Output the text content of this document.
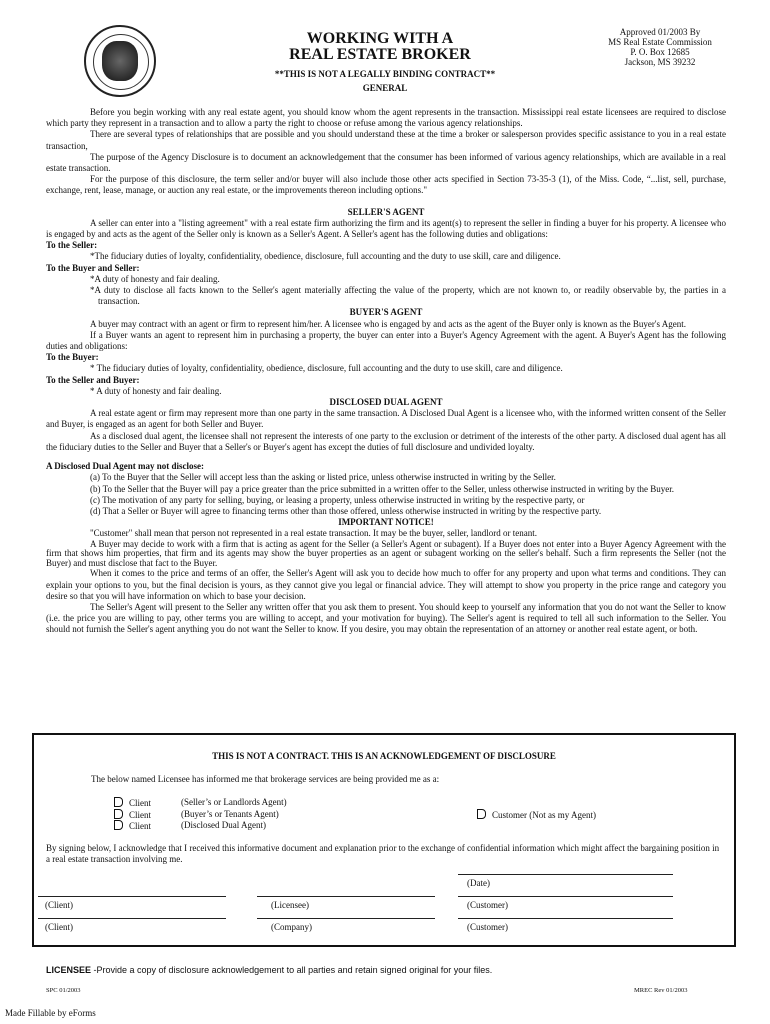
WORKING WITH A
REAL ESTATE BROKER
**THIS IS NOT A LEGALLY BINDING CONTRACT**
GENERAL
Approved 01/2003 By
MS Real Estate Commission
P. O. Box 12685
Jackson, MS 39232

Before you begin working with any real estate agent, you should know whom the agent represents in the transaction. Mississippi real estate licensees are required to disclose which party they represent in a transaction and to allow a party the right to choose or refuse among the various agency relationships.

There are several types of relationships that are possible and you should understand these at the time a broker or salesperson provides specific assistance to you in a real estate transaction,

The purpose of the Agency Disclosure is to document an acknowledgement that the consumer has been informed of various agency relationships, which are available in a real estate transaction.

For the purpose of this disclosure, the term seller and/or buyer will also include those other acts specified in Section 73-35-3 (1), of the Miss. Code, “...list, sell, purchase, exchange, rent, lease, manage, or auction any real estate, or the improvements thereon including options."

SELLER'S AGENT

A seller can enter into a "listing agreement" with a real estate firm authorizing the firm and its agent(s) to represent the seller in finding a buyer for his property. A licensee who is engaged by and acts as the agent of the Seller only is known as a Seller's Agent. A Seller's agent has the following duties and obligations:

To the Seller:
*The fiduciary duties of loyalty, confidentiality, obedience, disclosure, full accounting and the duty to use skill, care and diligence.
To the Buyer and Seller:
*A duty of honesty and fair dealing.
*A duty to disclose all facts known to the Seller's agent materially affecting the value of the property, which are not known to, or readily observable by, the parties in a transaction.
BUYER'S AGENT

A buyer may contract with an agent or firm to represent him/her. A licensee who is engaged by and acts as the agent of the Buyer only is known as the Buyer's Agent.

If a Buyer wants an agent to represent him in purchasing a property, the buyer can enter into a Buyer's Agency Agreement with the agent. A Buyer's Agent has the following duties and obligations:

To the Buyer:
* The fiduciary duties of loyalty, confidentiality, obedience, disclosure, full accounting and the duty to use skill, care and diligence.
To the Seller and Buyer:
* A duty of honesty and fair dealing.
DISCLOSED DUAL AGENT

A real estate agent or firm may represent more than one party in the same transaction. A Disclosed Dual Agent is a licensee who, with the informed written consent of the Seller and Buyer, is engaged as an agent for both Seller and Buyer.

As a disclosed dual agent, the licensee shall not represent the interests of one party to the exclusion or detriment of the interests of the other party. A disclosed dual agent has all the fiduciary duties to the Seller and Buyer that a Seller's or Buyer's agent has except the duties of full disclosure and undivided loyalty.

A Disclosed Dual Agent may not disclose:
(a) To the Buyer that the Seller will accept less than the asking or listed price, unless otherwise instructed in writing by the Seller.
(b) To the Seller that the Buyer will pay a price greater than the price submitted in a written offer to the Seller, unless otherwise instructed in writing by the Buyer.
(c) The motivation of any party for selling, buying, or leasing a property, unless otherwise instructed in writing by the respective party, or
(d) That a Seller or Buyer will agree to financing terms other than those offered, unless otherwise instructed in writing by the respective party.
IMPORTANT NOTICE!

"Customer" shall mean that person not represented in a real estate transaction. It may be the buyer, seller, landlord or tenant.

A Buyer may decide to work with a firm that is acting as agent for the Seller (a Seller's Agent or subagent). If a Buyer does not enter into a Buyer Agency Agreement with the firm that shows him properties, that firm and its agents may show the buyer properties as an agent or subagent working on the seller's behalf. Such a firm represents the Seller (not the Buyer) and must disclose that fact to the Buyer.

When it comes to the price and terms of an offer, the Seller's Agent will ask you to decide how much to offer for any property and upon what terms and conditions. They can explain your options to you, but the final decision is yours, as they cannot give you legal or financial advice. They will attempt to show you property in the price range and category you desire so that you will have information on which to base your decision.

The Seller's Agent will present to the Seller any written offer that you ask them to present. You should keep to yourself any information that you do not want the Seller to know (i.e. the price you are willing to pay, other terms you are willing to accept, and your motivation for buying). The Seller's agent is required to tell all such information to the Seller. You should not furnish the Seller's agent anything you do not want the Seller to know. If you desire, you may obtain the representation of an attorney or another real estate agent, or both.

THIS IS NOT A CONTRACT. THIS IS AN ACKNOWLEDGEMENT OF DISCLOSURE
The below named Licensee has informed me that brokerage services are being provided me as a:
Client	(Seller’s or Landlords Agent)
Client	(Buyer’s or Tenants Agent)
Client	(Disclosed Dual Agent)
Customer (Not as my Agent)
By signing below, I acknowledge that I received this informative document and explanation prior to the exchange of confidential information which might affect the bargaining position in a real estate transaction involving me.
(Date)
(Client)	(Licensee)	(Customer)
(Client)	(Company)	(Customer)
LICENSEE -Provide a copy of disclosure acknowledgement to all parties and retain signed original for your files.
SPC 01/2003	MREC Rev 01/2003
Made Fillable by eForms
